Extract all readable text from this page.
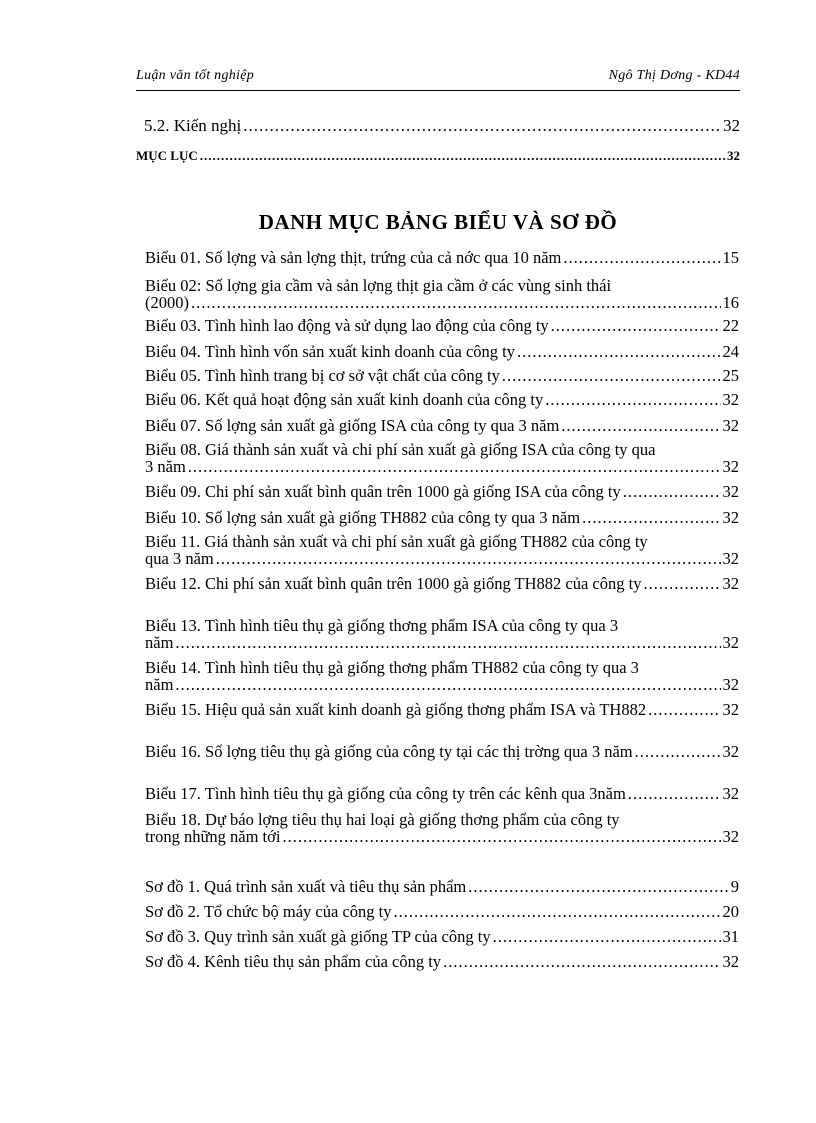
Luận văn tốt nghiệp	Ngô Thị Dơng - KD44
5.2. Kiến nghị .....	32
MỤC LỤC .....	32
DANH MỤC BẢNG BIỂU VÀ SƠ ĐỒ
Biểu 01. Số lợng và sản lợng thịt, trứng của cả nớc qua 10 năm .....	15
Biểu 02: Số lợng gia cầm và sản lợng thịt gia cầm ở các vùng sinh thái
(2000) .....	16
Biểu 03. Tình hình lao động và sử dụng lao động của công ty .....	22
Biểu 04. Tình hình vốn sản xuất kinh doanh của công ty .....	24
Biểu 05. Tình hình trang bị cơ sở vật chất của công ty .....	25
Biểu 06. Kết quả hoạt động sản xuất kinh doanh của công ty .....	32
Biểu 07. Số lợng sản xuất gà giống ISA của công ty qua 3 năm .....	32
Biểu 08. Giá thành sản xuất và chi phí sản xuất gà giống ISA của công ty qua
3 năm .....	32
Biểu 09. Chi phí sản xuất bình quân trên 1000 gà giống ISA của công ty .....	32
Biểu 10. Số lợng sản xuất gà giống TH882 của công ty qua 3 năm .....	32
Biểu 11. Giá thành sản xuất và chi phí sản xuất gà giống TH882 của công ty
qua 3 năm .....	32
Biểu 12. Chi phí sản xuất bình quân trên 1000 gà giống TH882 của công ty .....	32
Biểu 13. Tình hình tiêu thụ gà giống thơng phẩm ISA của công ty qua 3
năm .....	32
Biểu 14. Tình hình tiêu thụ gà giống thơng phẩm TH882 của công ty qua 3
năm .....	32
Biểu 15. Hiệu quả sản xuất kinh doanh gà giống thơng phẩm ISA và TH882 .....	32
Biểu 16. Số lợng tiêu thụ gà giống của công ty tại các thị trờng qua 3 năm .....	32
Biểu 17. Tình hình tiêu thụ gà giống của công ty trên các kênh qua 3năm .....	32
Biểu 18. Dự báo lợng tiêu thụ hai loại gà giống thơng phẩm của công ty
trong những năm tới .....	32
Sơ đồ 1. Quá trình sản xuất và tiêu thụ sản phẩm .....	9
Sơ đồ 2. Tổ chức bộ máy của công ty .....	20
Sơ đồ 3. Quy trình sản xuất gà giống TP của công ty .....	31
Sơ đồ 4. Kênh tiêu thụ sản phẩm của công ty .....	32
